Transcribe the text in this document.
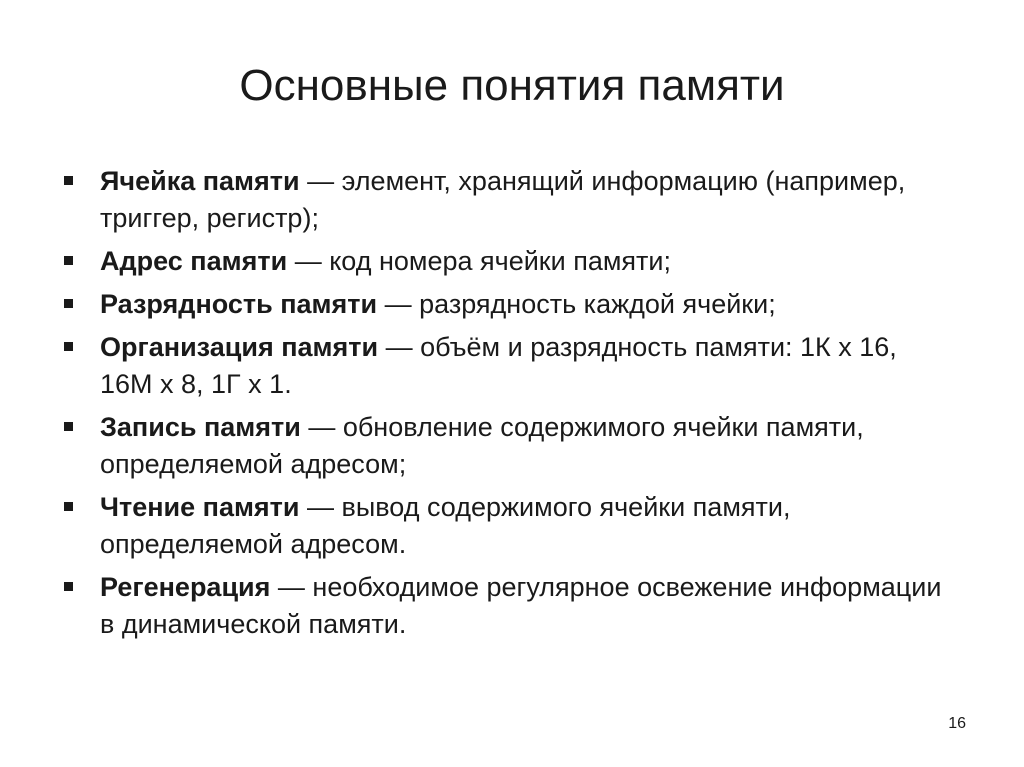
Основные понятия памяти
Ячейка памяти — элемент, хранящий информацию (например, триггер, регистр);
Адрес памяти — код номера ячейки памяти;
Разрядность памяти — разрядность каждой ячейки;
Организация памяти — объём и разрядность памяти: 1К х 16, 16М х 8, 1Г х 1.
Запись памяти — обновление содержимого ячейки памяти, определяемой адресом;
Чтение памяти — вывод содержимого ячейки памяти, определяемой адресом.
Регенерация — необходимое регулярное освежение информации в динамической памяти.
16
